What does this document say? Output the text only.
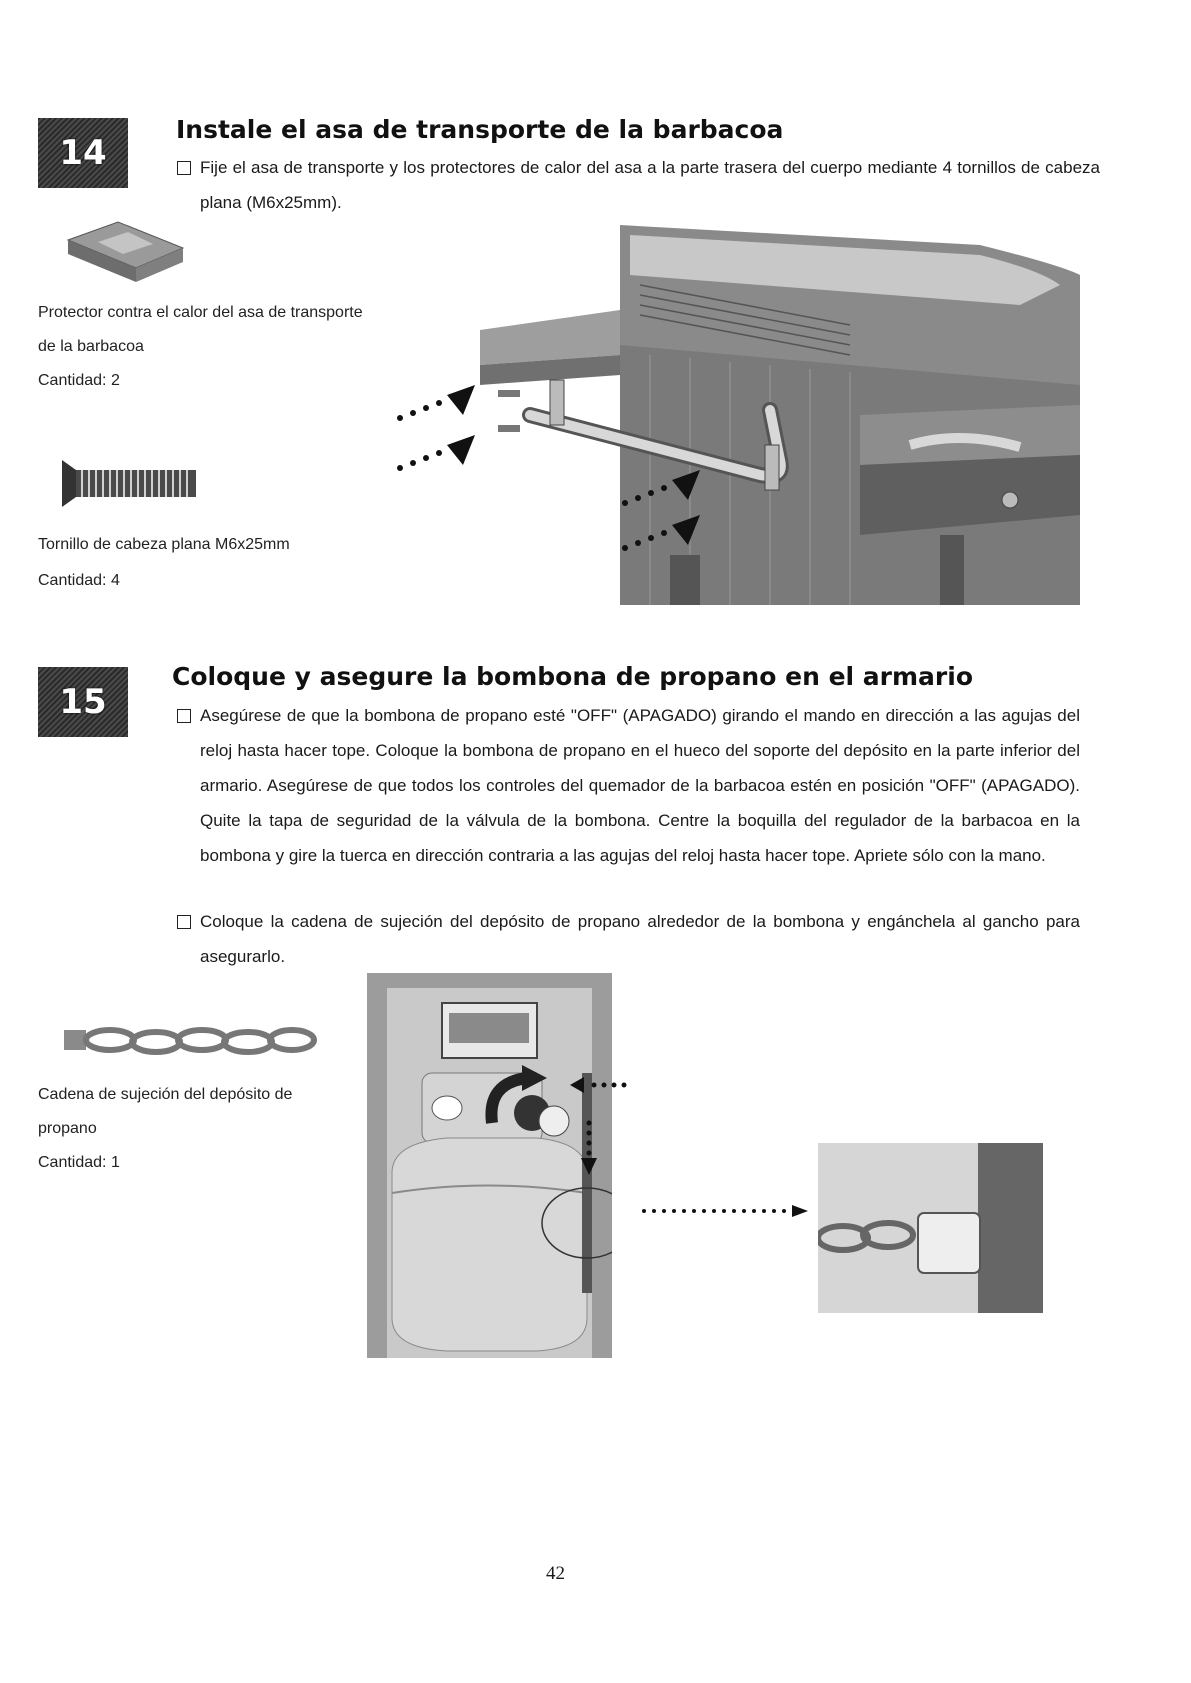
14
Instale el asa de transporte de la barbacoa
Fije el asa de transporte y los protectores de calor del asa a la parte trasera del cuerpo mediante 4 tornillos de cabeza plana (M6x25mm).
Protector contra el calor del asa de transporte
de la barbacoa
Cantidad: 2
Tornillo de cabeza plana M6x25mm
Cantidad: 4
15
Coloque y asegure la bombona de propano en el armario
Asegúrese de que la bombona de propano esté "OFF" (APAGADO) girando el mando en dirección a las agujas del reloj hasta hacer tope. Coloque la bombona de propano en el hueco del soporte del depósito en la parte inferior del armario. Asegúrese de que todos los controles del quemador de la barbacoa estén en posición "OFF" (APAGADO). Quite la tapa de seguridad de la válvula de la bombona. Centre la boquilla del regulador de la barbacoa en la bombona y gire la tuerca en dirección contraria a las agujas del reloj hasta hacer tope. Apriete sólo con la mano.
Coloque la cadena de sujeción del depósito de propano alrededor de la bombona y engánchela al gancho para asegurarlo.
Cadena de sujeción del depósito de
propano
Cantidad: 1
42
